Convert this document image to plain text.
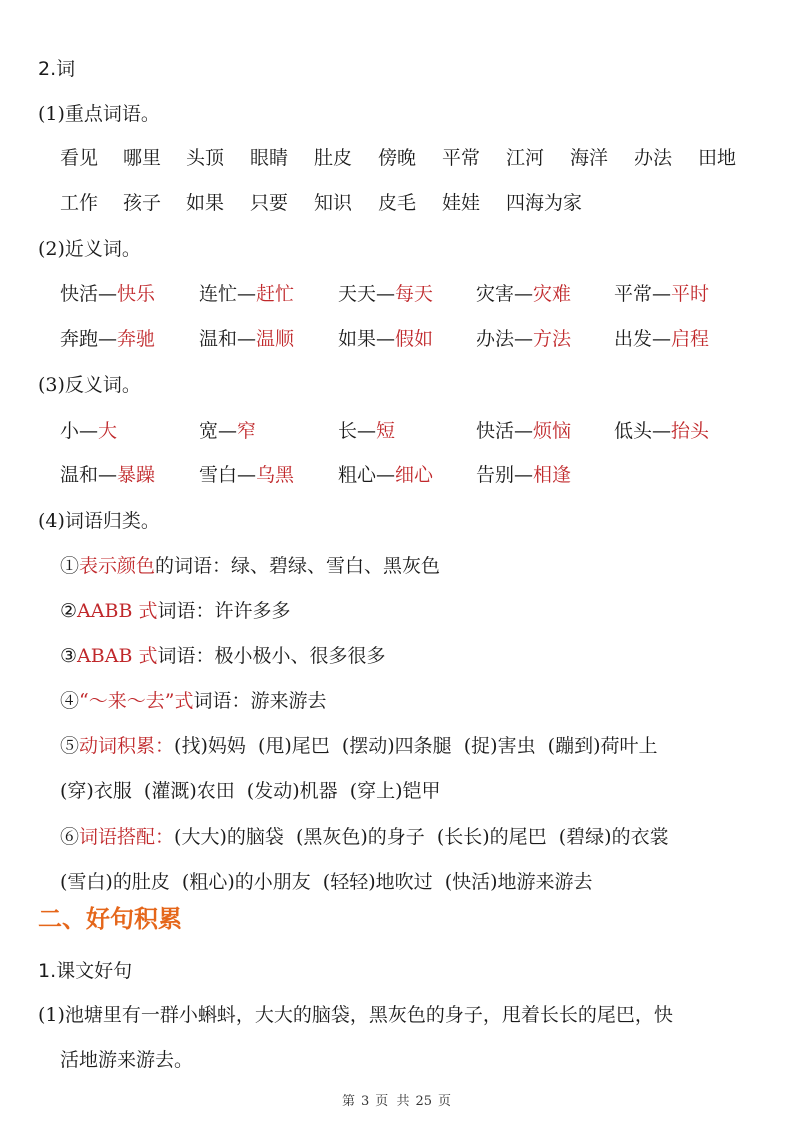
2.词
(1)重点词语。
看见 哪里 头顶 眼睛 肚皮 傍晚 平常 江河 海洋 办法 田地
工作 孩子 如果 只要 知识 皮毛 娃娃 四海为家
(2)近义词。
快活—快乐 连忙—赶忙 天天—每天 灾害—灾难 平常—平时
奔跑—奔驰 温和—温顺 如果—假如 办法—方法 出发—启程
(3)反义词。
小—大	宽—窄	长—短	快活—烦恼 低头—抬头
温和—暴躁 雪白—乌黑 粗心—细心 告别—相逢
(4)词语归类。
①表示颜色的词语：绿、碧绿、雪白、黑灰色
②AABB 式词语：许许多多
③ABAB 式词语：极小极小、很多很多
④“～来～去”式词语：游来游去
⑤动词积累：(找)妈妈  (甩)尾巴  (摆动)四条腿  (捉)害虫  (蹦到)荷叶上
(穿)衣服  (灌溉)农田  (发动)机器  (穿上)铠甲
⑥词语搭配：(大大)的脑袋  (黑灰色)的身子  (长长)的尾巴  (碧绿)的衣裳
(雪白)的肚皮  (粗心)的小朋友  (轻轻)地吹过  (快活)地游来游去
二、好句积累
1.课文好句
(1)池塘里有一群小蝌蚪，大大的脑袋，黑灰色的身子，甩着长长的尾巴，快
活地游来游去。
第 3 页  共 25 页
